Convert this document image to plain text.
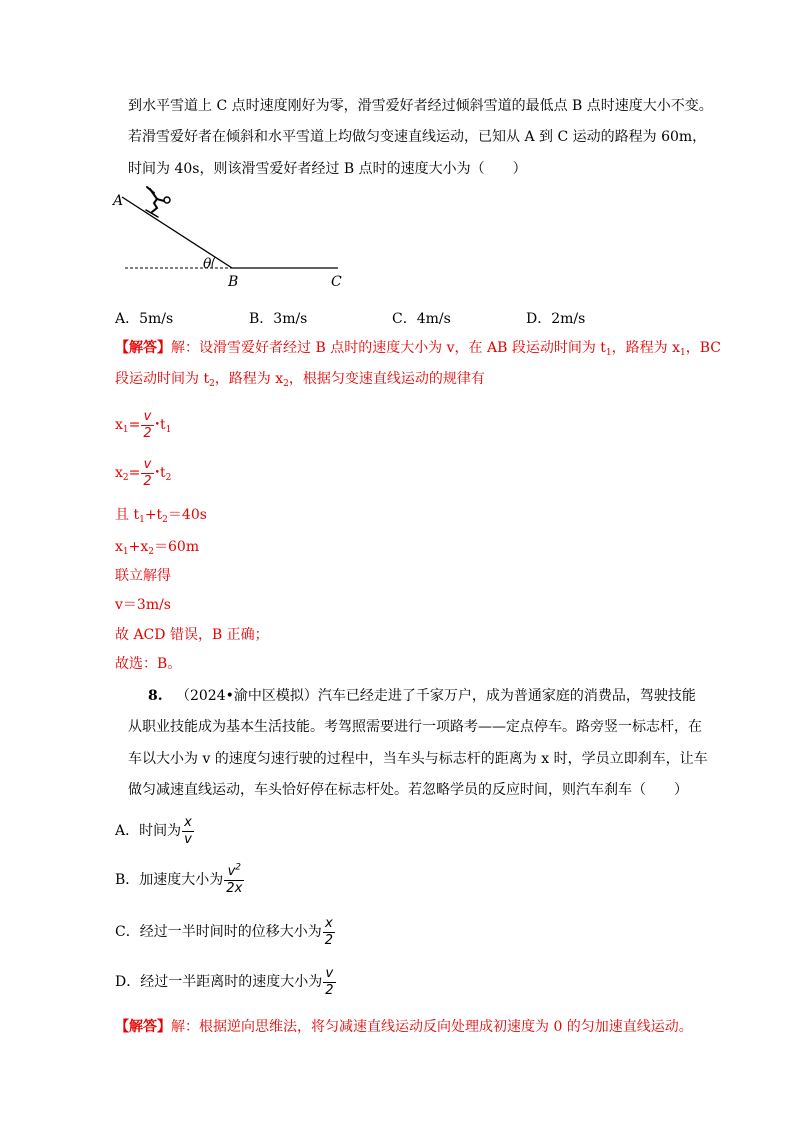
到水平雪道上 C 点时速度刚好为零，滑雪爱好者经过倾斜雪道的最低点 B 点时速度大小不变。

若滑雪爱好者在倾斜和水平雪道上均做匀变速直线运动，已知从 A 到 C 运动的路程为 60m，

时间为 40s，则该滑雪爱好者经过 B 点时的速度大小为（　　）

A
B	C
θ
A．5m/s	B．3m/s	C．4m/s	D．2m/s

【解答】解：设滑雪爱好者经过 B 点时的速度大小为 v，在 AB 段运动时间为 $t_1$，路程为 $x_1$，BC

段运动时间为 $t_2$，路程为 $x_2$，根据匀变速直线运动的规律有

$x_1= \frac{v}{2}$ $•t_1$

$x_2= \frac{v}{2}$ $•t_2$

且 $t_1+t_2=40s$

$x_1+x_2=60m$

联立解得

v＝3m/s

故 ACD 错误，B 正确；

故选：B。

8. （2024•渝中区模拟）汽车已经走进了千家万户，成为普通家庭的消费品，驾驶技能

从职业技能成为基本生活技能。考驾照需要进行一项路考——定点停车。路旁竖一标志杆，在

车以大小为 v 的速度匀速行驶的过程中，当车头与标志杆的距离为 x 时，学员立即刹车，让车

做匀减速直线运动，车头恰好停在标志杆处。若忽略学员的反应时间，则汽车刹车（　　）

A．时间为 $\frac{x}{v}$

B．加速度大小为 $\frac{v^2}{2x}$

C．经过一半时间时的位移大小为 $\frac{x}{2}$

D．经过一半距离时的速度大小为 $\frac{v}{2}$

【解答】解：根据逆向思维法，将匀减速直线运动反向处理成初速度为 0 的匀加速直线运动。
